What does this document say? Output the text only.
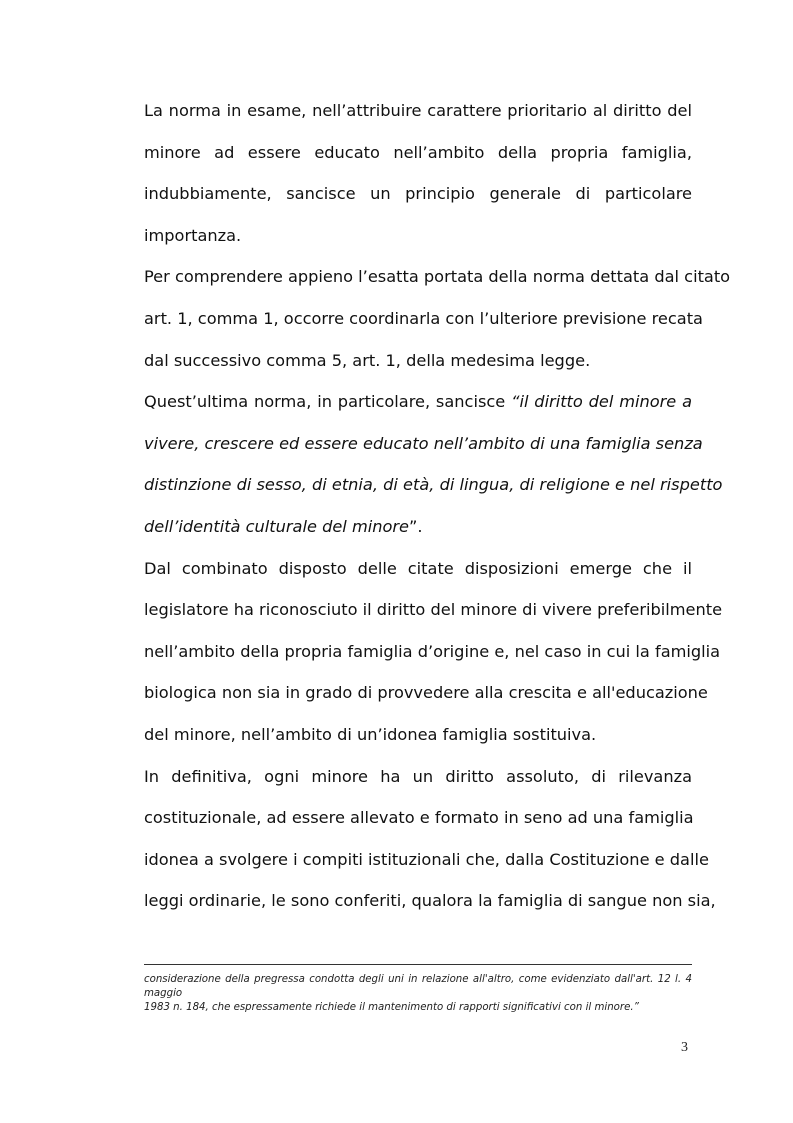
La norma in esame, nell’attribuire carattere prioritario al diritto del
minore ad essere educato nell’ambito della propria famiglia,
indubbiamente, sancisce un principio generale di particolare
importanza.
Per comprendere appieno l’esatta portata della norma dettata dal citato
art. 1, comma 1, occorre coordinarla con l’ulteriore previsione recata
dal successivo comma 5, art. 1, della medesima legge.
Quest’ultima norma, in particolare, sancisce “il diritto del minore a
vivere, crescere ed essere educato nell’ambito di una famiglia senza
distinzione di sesso, di etnia, di età, di lingua, di religione e nel rispetto
dell’identità culturale del minore”.
Dal combinato disposto delle citate disposizioni emerge che il
legislatore ha riconosciuto il diritto del minore di vivere preferibilmente
nell’ambito della propria famiglia d’origine e, nel caso in cui la famiglia
biologica non sia in grado di provvedere alla crescita e all'educazione
del minore, nell’ambito di un’idonea famiglia sostituiva.
In definitiva, ogni minore ha un diritto assoluto, di rilevanza
costituzionale, ad essere allevato e formato in seno ad una famiglia
idonea a svolgere i compiti istituzionali che, dalla Costituzione e dalle
leggi ordinarie, le sono conferiti, qualora la famiglia di sangue non sia,
considerazione della pregressa condotta degli uni in relazione all'altro, come evidenziato dall'art. 12 l. 4 maggio
1983 n. 184, che espressamente richiede il mantenimento di rapporti significativi con il minore.”
3
